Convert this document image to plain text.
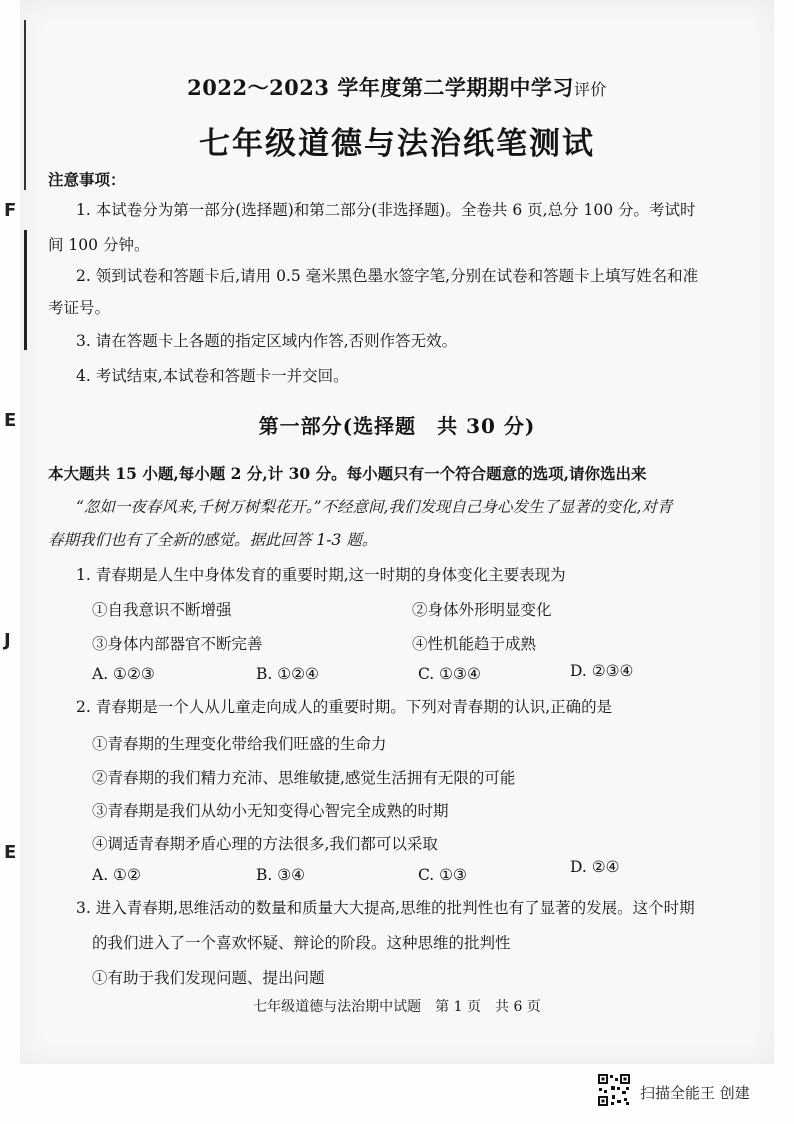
F
E
J
E
2022～2023 学年度第二学期期中学习评价
七年级道德与法治纸笔测试
注意事项：
1. 本试卷分为第一部分(选择题)和第二部分(非选择题)。全卷共 6 页,总分 100 分。考试时
间 100 分钟。
2. 领到试卷和答题卡后,请用 0.5 毫米黑色墨水签字笔,分别在试卷和答题卡上填写姓名和准
考证号。
3. 请在答题卡上各题的指定区域内作答,否则作答无效。
4. 考试结束,本试卷和答题卡一并交回。
第一部分(选择题　共 30 分)
本大题共 15 小题,每小题 2 分,计 30 分。每小题只有一个符合题意的选项,请你选出来
“忽如一夜春风来,千树万树梨花开。”不经意间,我们发现自己身心发生了显著的变化,对青
春期我们也有了全新的感觉。据此回答 1-3 题。
1. 青春期是人生中身体发育的重要时期,这一时期的身体变化主要表现为
①自我意识不断增强	②身体外形明显变化
③身体内部器官不断完善	④性机能趋于成熟
A. ①②③	B. ①②④	C. ①③④	D. ②③④
2. 青春期是一个人从儿童走向成人的重要时期。下列对青春期的认识,正确的是
①青春期的生理变化带给我们旺盛的生命力
②青春期的我们精力充沛、思维敏捷,感觉生活拥有无限的可能
③青春期是我们从幼小无知变得心智完全成熟的时期
④调适青春期矛盾心理的方法很多,我们都可以采取
A. ①②	B. ③④	C. ①③	D. ②④
3. 进入青春期,思维活动的数量和质量大大提高,思维的批判性也有了显著的发展。这个时期
的我们进入了一个喜欢怀疑、辩论的阶段。这种思维的批判性
①有助于我们发现问题、提出问题
七年级道德与法治期中试题　第 1 页　共 6 页
扫描全能王 创建
